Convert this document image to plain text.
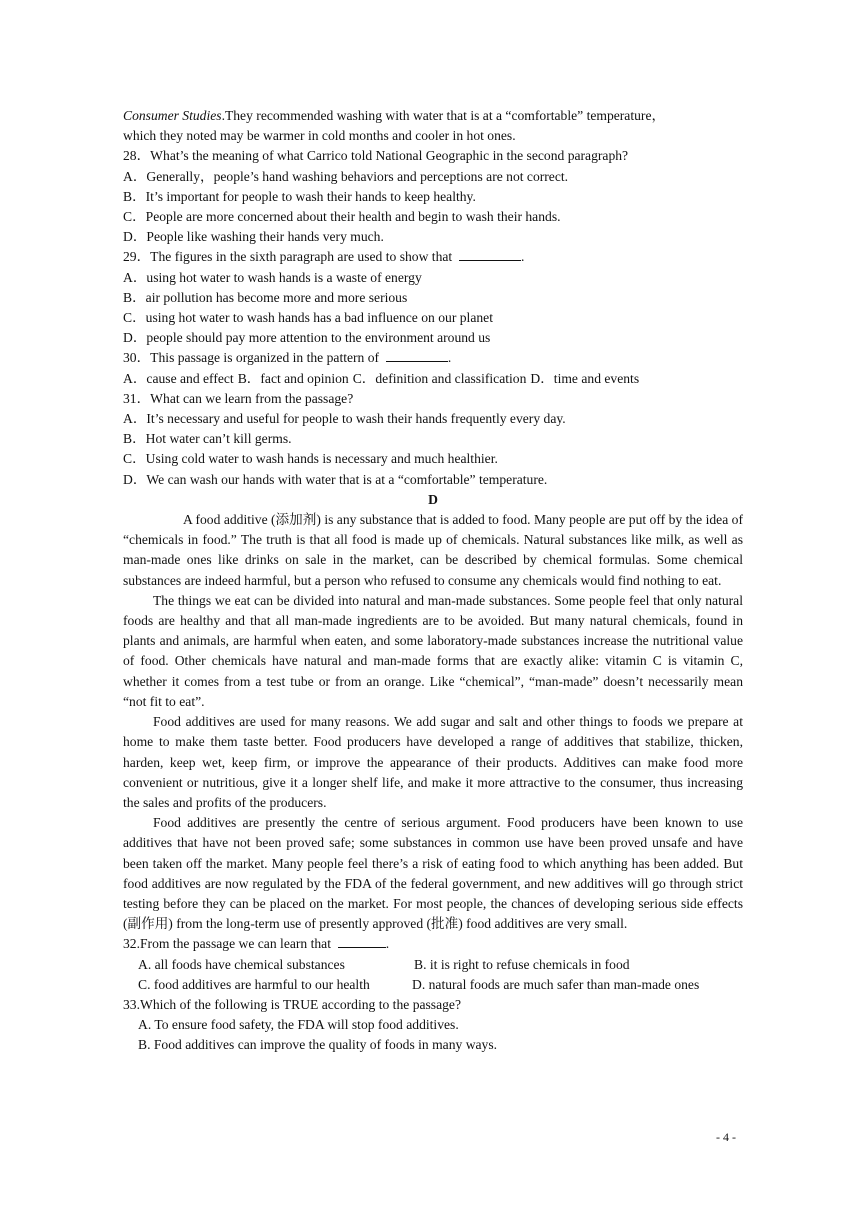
Consumer Studies.They recommended washing with water that is at a “comfortable” temperature，
which they noted may be warmer in cold months and cooler in hot ones.
28．What’s the meaning of what Carrico told National Geographic in the second paragraph?
A．Generally，people’s hand washing behaviors and perceptions are not correct.
B．It’s important for people to wash their hands to keep healthy.
C．People are more concerned about their health and begin to wash their hands.
D．People like washing their hands very much.
29．The figures in the sixth paragraph are used to show that	.
A．using hot water to wash hands is a waste of energy
B．air pollution has become more and more serious
C．using hot water to wash hands has a bad influence on our planet
D．people should pay more attention to the environment around us
30．This passage is organized in the pattern of	.
A．cause and effect B．fact and opinion C．definition and classification D．time and events
31．What can we learn from the passage?
A．It’s necessary and useful for people to wash their hands frequently every day.
B．Hot water can’t kill germs.
C．Using cold water to wash hands is necessary and much healthier.
D．We can wash our hands with water that is at a “comfortable” temperature.
D
A food additive (添加剂) is any substance that is added to food. Many people are put off by the idea of “chemicals in food.” The truth is that all food is made up of chemicals. Natural substances like milk, as well as man-made ones like drinks on sale in the market, can be described by chemical formulas. Some chemical substances are indeed harmful, but a person who refused to consume any chemicals would find nothing to eat.
The things we eat can be divided into natural and man-made substances. Some people feel that only natural foods are healthy and that all man-made ingredients are to be avoided. But many natural chemicals, found in plants and animals, are harmful when eaten, and some laboratory-made substances increase the nutritional value of food. Other chemicals have natural and man-made forms that are exactly alike: vitamin C is vitamin C, whether it comes from a test tube or from an orange. Like “chemical”, “man-made” doesn’t necessarily mean “not fit to eat”.
Food additives are used for many reasons. We add sugar and salt and other things to foods we prepare at home to make them taste better. Food producers have developed a range of additives that stabilize, thicken, harden, keep wet, keep firm, or improve the appearance of their products. Additives can make food more convenient or nutritious, give it a longer shelf life, and make it more attractive to the consumer, thus increasing the sales and profits of the producers.
Food additives are presently the centre of serious argument. Food producers have been known to use additives that have not been proved safe; some substances in common use have been proved unsafe and have been taken off the market. Many people feel there’s a risk of eating food to which anything has been added. But food additives are now regulated by the FDA of the federal government, and new additives will go through strict testing before they can be placed on the market. For most people, the chances of developing serious side effects (副作用) from the long-term use of presently approved (批准) food additives are very small.
32.From the passage we can learn that	.
A. all foods have chemical substances	B. it is right to refuse chemicals in food
C. food additives are harmful to our health	D. natural foods are much safer than man-made ones
33.Which of the following is TRUE according to the passage?
A. To ensure food safety, the FDA will stop food additives.
B. Food additives can improve the quality of foods in many ways.
- 4 -
